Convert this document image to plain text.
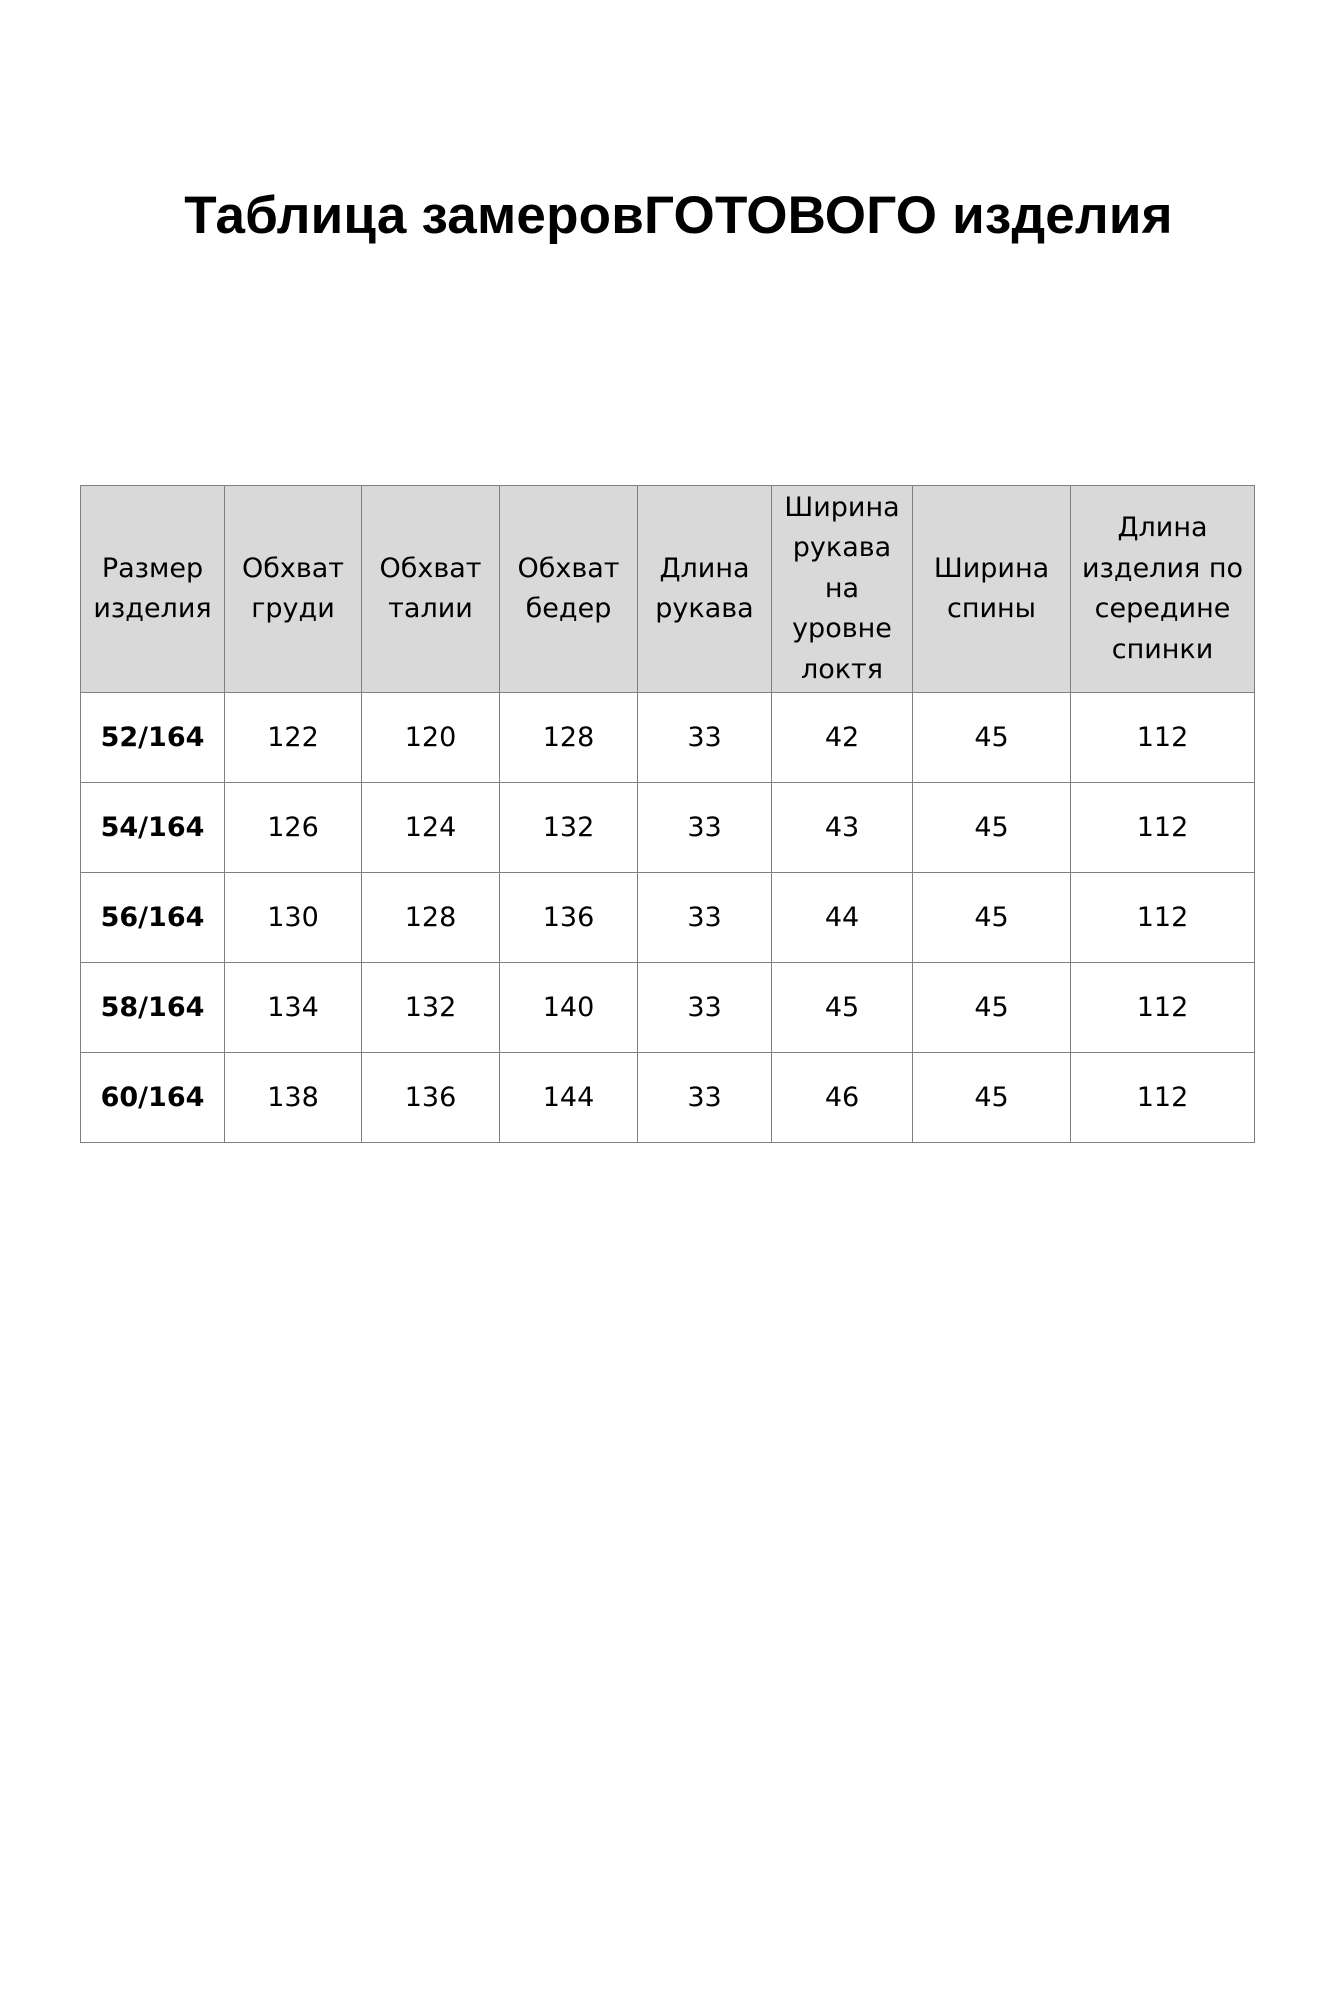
Таблица замеровГОТОВОГО изделия
Размер изделия	Обхват груди	Обхват талии	Обхват бедер	Длина рукава	Ширина рукава на уровне локтя	Ширина спины	Длина изделия по середине спинки
52/164	122	120	128	33	42	45	112
54/164	126	124	132	33	43	45	112
56/164	130	128	136	33	44	45	112
58/164	134	132	140	33	45	45	112
60/164	138	136	144	33	46	45	112
